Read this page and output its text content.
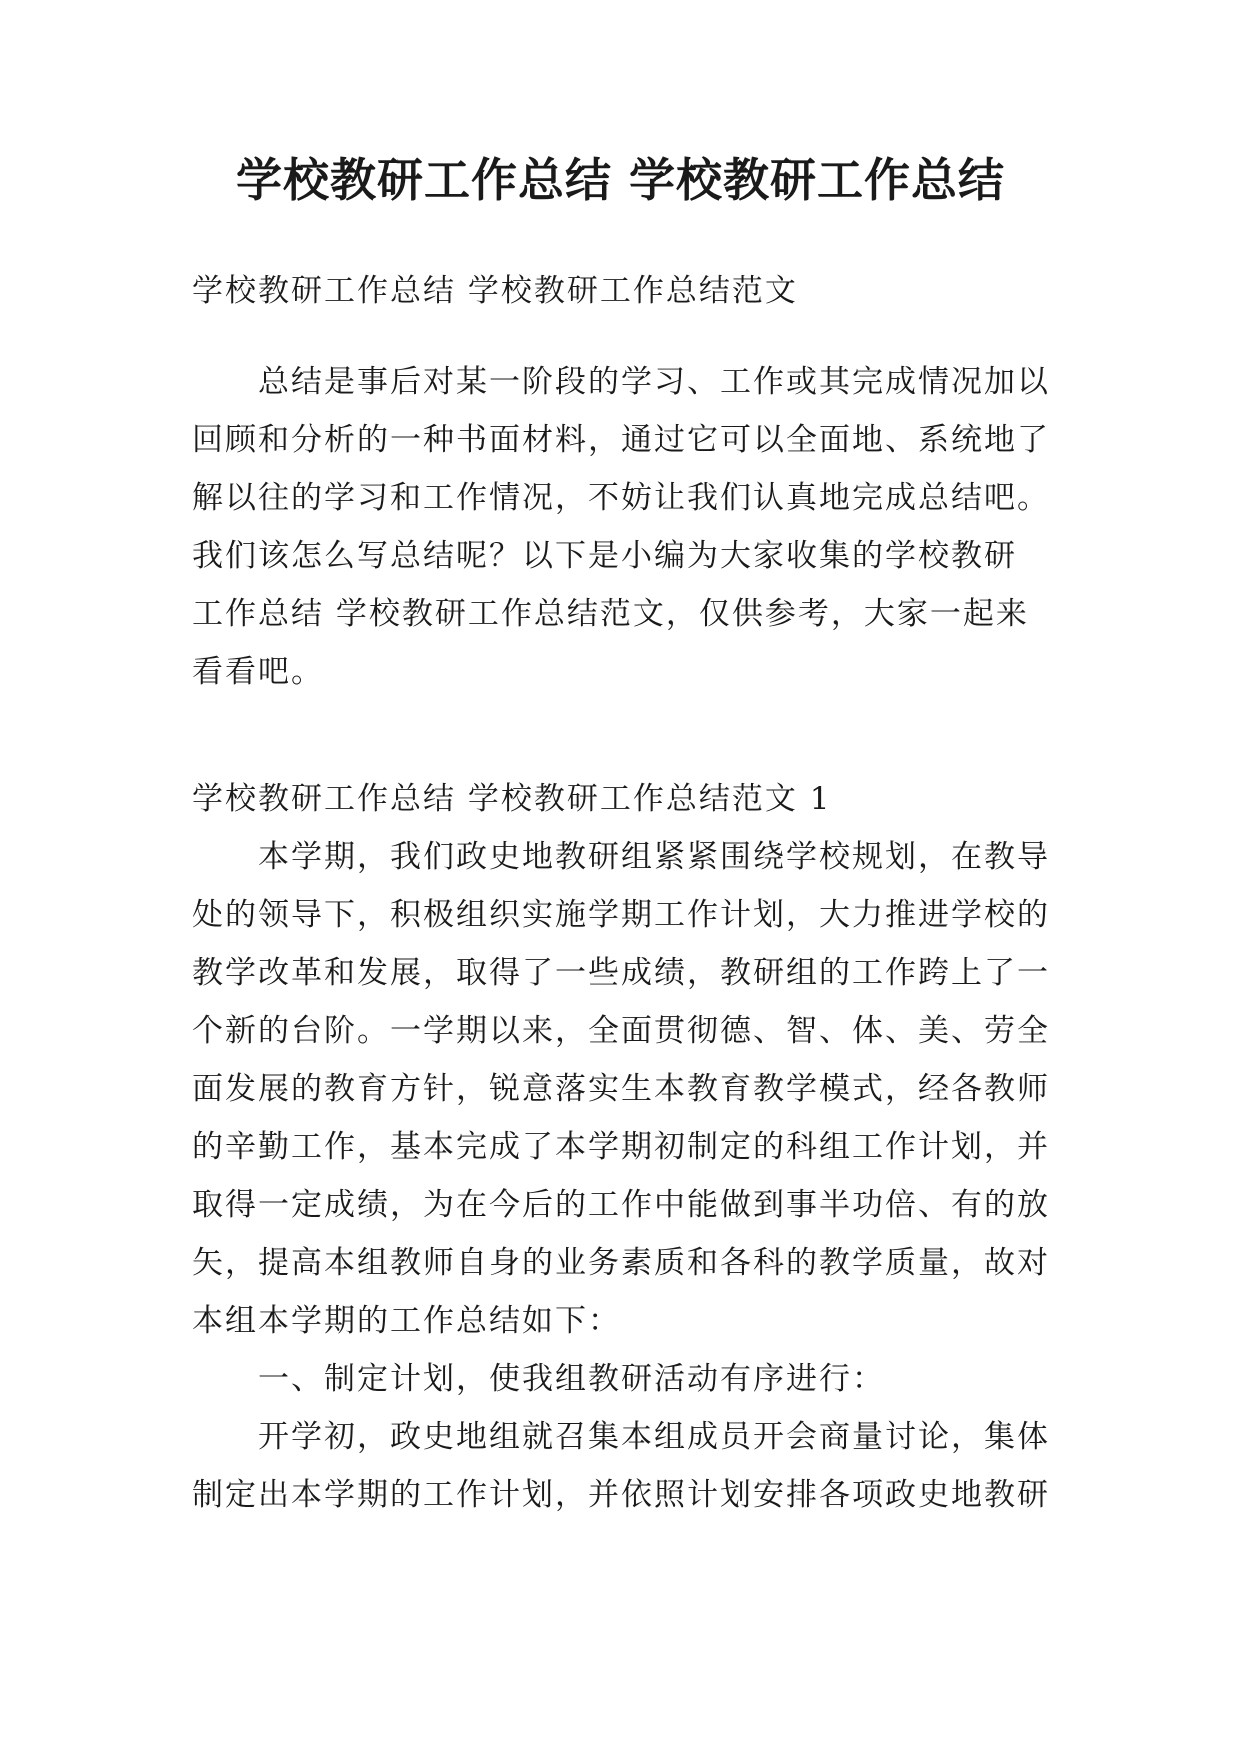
学校教研工作总结 学校教研工作总结

学校教研工作总结 学校教研工作总结范文

总结是事后对某一阶段的学习、工作或其完成情况加以
回顾和分析的一种书面材料，通过它可以全面地、系统地了
解以往的学习和工作情况，不妨让我们认真地完成总结吧。
我们该怎么写总结呢？以下是小编为大家收集的学校教研
工作总结 学校教研工作总结范文，仅供参考，大家一起来
看看吧。

学校教研工作总结 学校教研工作总结范文 1

本学期，我们政史地教研组紧紧围绕学校规划，在教导
处的领导下，积极组织实施学期工作计划，大力推进学校的
教学改革和发展，取得了一些成绩，教研组的工作跨上了一
个新的台阶。一学期以来，全面贯彻德、智、体、美、劳全
面发展的教育方针，锐意落实生本教育教学模式，经各教师
的辛勤工作，基本完成了本学期初制定的科组工作计划，并
取得一定成绩，为在今后的工作中能做到事半功倍、有的放
矢，提高本组教师自身的业务素质和各科的教学质量，故对
本组本学期的工作总结如下：

一、制定计划，使我组教研活动有序进行：

开学初，政史地组就召集本组成员开会商量讨论，集体
制定出本学期的工作计划，并依照计划安排各项政史地教研
